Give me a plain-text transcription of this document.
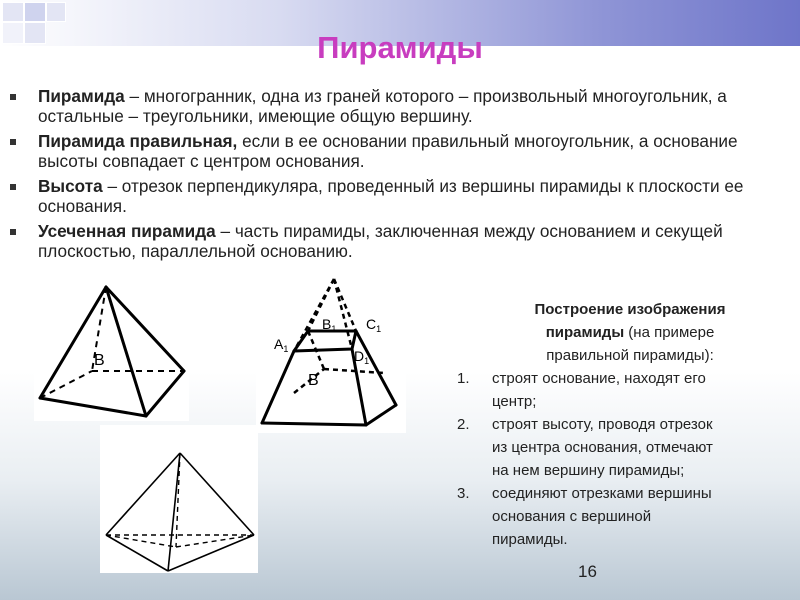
Пирамиды
Пирамида – многогранник, одна из граней которого – произвольный многоугольник, а остальные – треугольники, имеющие общую вершину.
Пирамида правильная, если в ее основании правильный многоугольник, а основание высоты совпадает с центром основания.
Высота – отрезок перпендикуляра, проведенный из вершины пирамиды к плоскости ее основания.
Усеченная пирамида – часть пирамиды, заключенная между основанием и секущей плоскостью, параллельной основанию.
B
$B_1$ $C_1$
$A_1$	$D_1$
B

Построение изображения
пирамиды (на примере
правильной пирамиды):

1. строят основание, находят его
центр;
2. строят высоту, проводя отрезок
из центра основания, отмечают
на нем вершину пирамиды;
3. соединяют отрезками вершины
основания с вершиной
пирамиды.
16
